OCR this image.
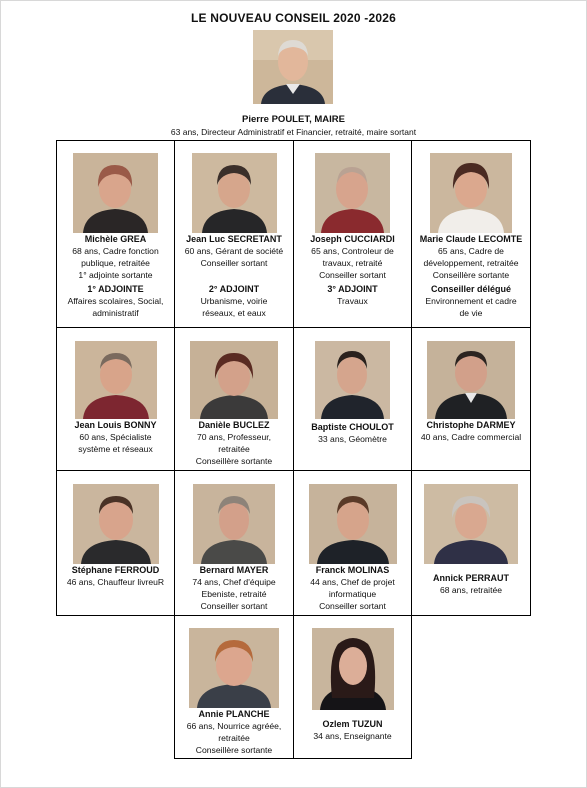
LE NOUVEAU CONSEIL 2020 -2026
Pierre POULET, MAIRE
63 ans, Directeur Administratif et Financier, retraité, maire sortant
Michèle GREA
68 ans, Cadre fonction
publique, retraitée
1° adjointe sortante
1° ADJOINTE
Affaires scolaires, Social,
administratif
Jean Luc SECRETANT
60 ans, Gérant de société
Conseiller sortant
2° ADJOINT
Urbanisme, voirie
réseaux, et eaux
Joseph CUCCIARDI
65 ans, Controleur de
travaux, retraité
Conseiller sortant
3° ADJOINT
Travaux
Marie Claude LECOMTE
65 ans, Cadre de
développement, retraitée
Conseillère sortante
Conseiller délégué
Environnement et cadre
de vie
Jean Louis BONNY
60 ans, Spécialiste
système et réseaux
Danièle BUCLEZ
70 ans, Professeur,
retraitée
Conseillère sortante
Baptiste CHOULOT
33 ans, Géomètre
Christophe DARMEY
40 ans, Cadre commercial
Stéphane FERROUD
46 ans, Chauffeur livreuR
Bernard MAYER
74 ans, Chef d'équipe
Ebeniste, retraité
Conseiller sortant
Franck MOLINAS
44 ans, Chef de projet
informatique
Conseiller sortant
Annick PERRAUT
68 ans, retraitée
Annie PLANCHE
66 ans, Nourrice agréée,
retraitée
Conseillère sortante
Ozlem TUZUN
34 ans, Enseignante
